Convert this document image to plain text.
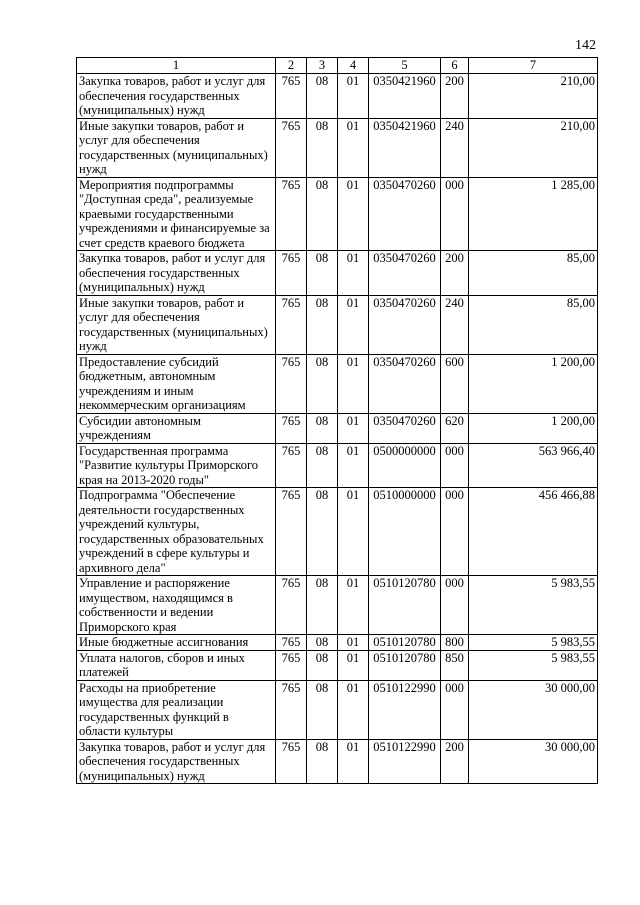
142
1	2	3	4	5	6	7
Закупка товаров, работ и услуг для обеспечения государственных (муниципальных) нужд	765	08	01	0350421960	200	210,00
Иные закупки товаров, работ и услуг для обеспечения государственных (муниципальных) нужд	765	08	01	0350421960	240	210,00
Мероприятия подпрограммы "Доступная среда", реализуемые краевыми государственными учреждениями и финансируемые за счет средств краевого бюджета	765	08	01	0350470260	000	1 285,00
Закупка товаров, работ и услуг для обеспечения государственных (муниципальных) нужд	765	08	01	0350470260	200	85,00
Иные закупки товаров, работ и услуг для обеспечения государственных (муниципальных) нужд	765	08	01	0350470260	240	85,00
Предоставление субсидий бюджетным, автономным учреждениям и иным некоммерческим организациям	765	08	01	0350470260	600	1 200,00
Субсидии автономным учреждениям	765	08	01	0350470260	620	1 200,00
Государственная программа "Развитие культуры Приморского края на 2013-2020 годы"	765	08	01	0500000000	000	563 966,40
Подпрограмма "Обеспечение деятельности государственных учреждений культуры, государственных образовательных учреждений в сфере культуры и архивного дела"	765	08	01	0510000000	000	456 466,88
Управление и распоряжение имуществом, находящимся в собственности и ведении Приморского края	765	08	01	0510120780	000	5 983,55
Иные бюджетные ассигнования	765	08	01	0510120780	800	5 983,55
Уплата налогов, сборов и иных платежей	765	08	01	0510120780	850	5 983,55
Расходы на приобретение имущества для реализации государственных функций в области культуры	765	08	01	0510122990	000	30 000,00
Закупка товаров, работ и услуг для обеспечения государственных (муниципальных) нужд	765	08	01	0510122990	200	30 000,00
